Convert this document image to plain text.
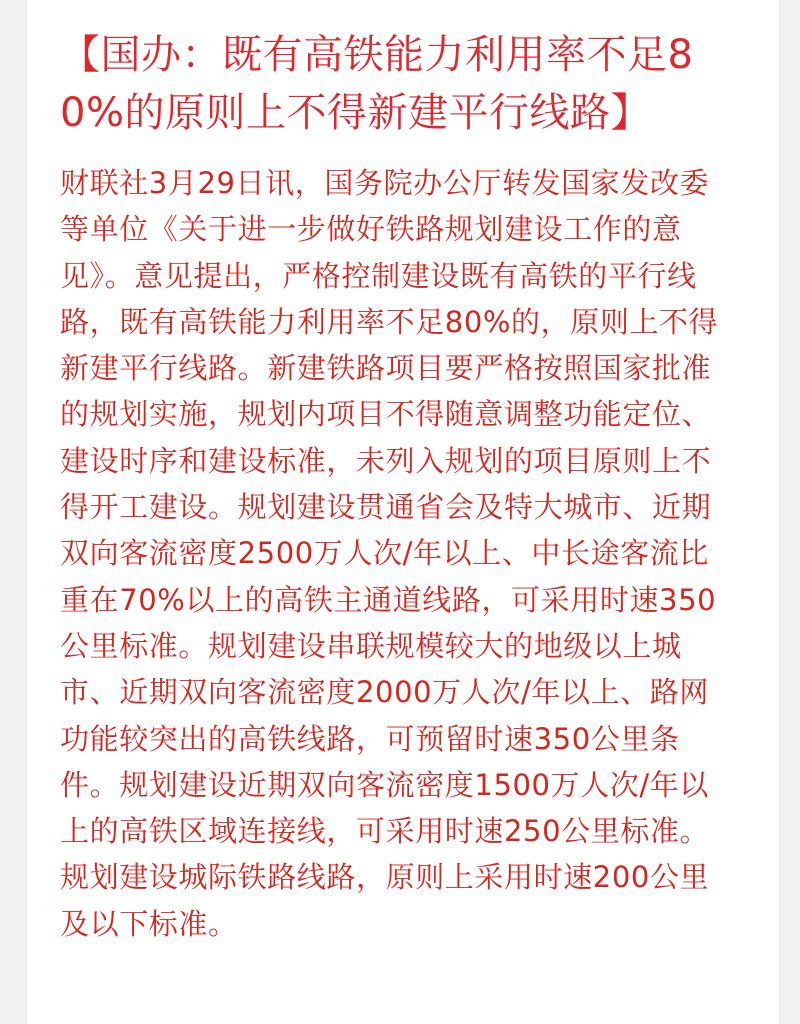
【国办：既有高铁能力利用率不足80%的原则上不得新建平行线路】

财联社3月29日讯，国务院办公厅转发国家发改委等单位《关于进一步做好铁路规划建设工作的意见》。意见提出，严格控制建设既有高铁的平行线路，既有高铁能力利用率不足80%的，原则上不得新建平行线路。新建铁路项目要严格按照国家批准的规划实施，规划内项目不得随意调整功能定位、建设时序和建设标准，未列入规划的项目原则上不得开工建设。规划建设贯通省会及特大城市、近期双向客流密度2500万人次/年以上、中长途客流比重在70%以上的高铁主通道线路，可采用时速350公里标准。规划建设串联规模较大的地级以上城市、近期双向客流密度2000万人次/年以上、路网功能较突出的高铁线路，可预留时速350公里条件。规划建设近期双向客流密度1500万人次/年以上的高铁区域连接线，可采用时速250公里标准。规划建设城际铁路线路，原则上采用时速200公里及以下标准。
